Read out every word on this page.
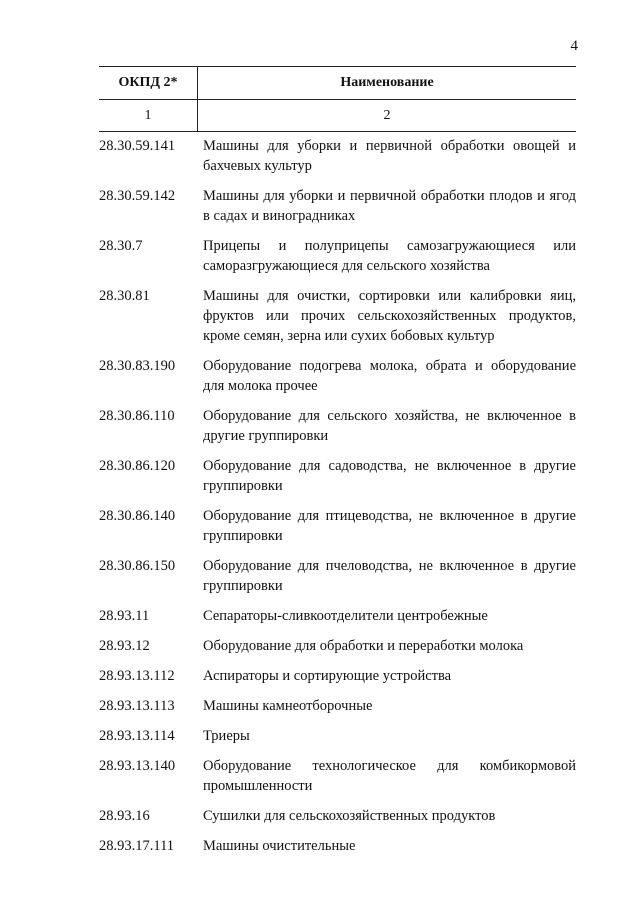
4
ОКПД 2*	Наименование
1	2
28.30.59.141	Машины для уборки и первичной обработки овощей и бахчевых культур
28.30.59.142	Машины для уборки и первичной обработки плодов и ягод в садах и виноградниках
28.30.7	Прицепы и полуприцепы самозагружающиеся или саморазгружающиеся для сельского хозяйства
28.30.81	Машины для очистки, сортировки или калибровки яиц, фруктов или прочих сельскохозяйственных продуктов, кроме семян, зерна или сухих бобовых культур
28.30.83.190	Оборудование подогрева молока, обрата и оборудование для молока прочее
28.30.86.110	Оборудование для сельского хозяйства, не включенное в другие группировки
28.30.86.120	Оборудование для садоводства, не включенное в другие группировки
28.30.86.140	Оборудование для птицеводства, не включенное в другие группировки
28.30.86.150	Оборудование для пчеловодства, не включенное в другие группировки
28.93.11	Сепараторы-сливкоотделители центробежные
28.93.12	Оборудование для обработки и переработки молока
28.93.13.112	Аспираторы и сортирующие устройства
28.93.13.113	Машины камнеотборочные
28.93.13.114	Триеры
28.93.13.140	Оборудование технологическое для комбикормовой промышленности
28.93.16	Сушилки для сельскохозяйственных продуктов
28.93.17.111	Машины очистительные
